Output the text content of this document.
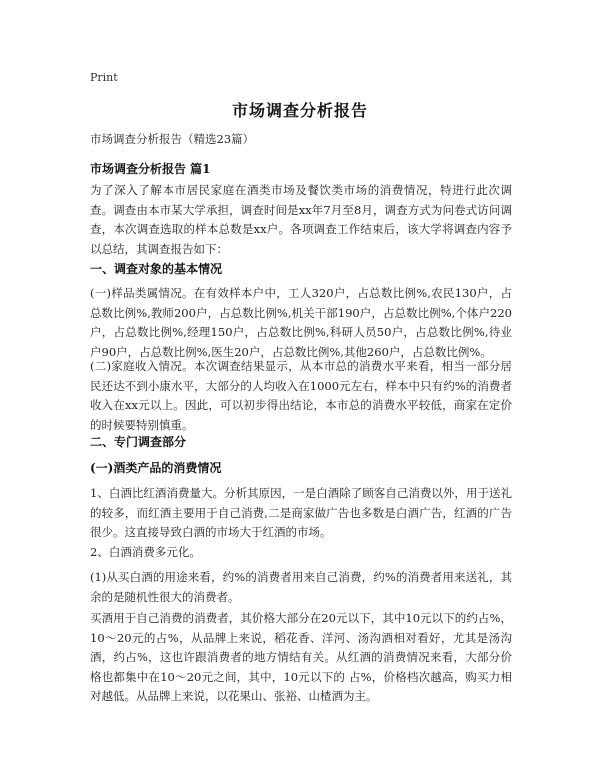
Print
市场调查分析报告
市场调查分析报告（精选23篇）
市场调查分析报告 篇1
为了深入了解本市居民家庭在酒类市场及餐饮类市场的消费情况，特进行此次调查。调查由本市某大学承担，调查时间是xx年7月至8月，调查方式为问卷式访问调查，本次调查选取的样本总数是xx户。各项调查工作结束后，该大学将调查内容予以总结，其调查报告如下：
一、调查对象的基本情况
(一)样品类属情况。在有效样本户中，工人320户，占总数比例%,农民130户，占总数比例%,教师200户，占总数比例%,机关干部190户，占总数比例%,个体户220户，占总数比例%,经理150户，占总数比例%,科研人员50户，占总数比例%,待业户90户，占总数比例%,医生20户，占总数比例%,其他260户，占总数比例%。
(二)家庭收入情况。本次调查结果显示，从本市总的消费水平来看，相当一部分居民还达不到小康水平，大部分的人均收入在1000元左右，样本中只有约%的消费者收入在xx元以上。因此，可以初步得出结论，本市总的消费水平较低，商家在定价的时候要特别慎重。
二、专门调查部分
(一)酒类产品的消费情况
1、白酒比红酒消费量大。分析其原因，一是白酒除了顾客自己消费以外，用于送礼的较多，而红酒主要用于自己消费,二是商家做广告也多数是白酒广告，红酒的广告很少。这直接导致白酒的市场大于红酒的市场。
2、白酒消费多元化。
(1)从买白酒的用途来看，约%的消费者用来自己消费，约%的消费者用来送礼，其余的是随机性很大的消费者。
买酒用于自己消费的消费者，其价格大部分在20元以下，其中10元以下的约占%，10～20元的占%，从品牌上来说，稻花香、洋河、汤沟酒相对看好，尤其是汤沟酒，约占%，这也许跟消费者的地方情结有关。从红酒的消费情况来看，大部分价格也都集中在10～20元之间，其中，10元以下的 占%，价格档次越高，购买力相对越低。从品牌上来说，以花果山、张裕、山楂酒为主。
